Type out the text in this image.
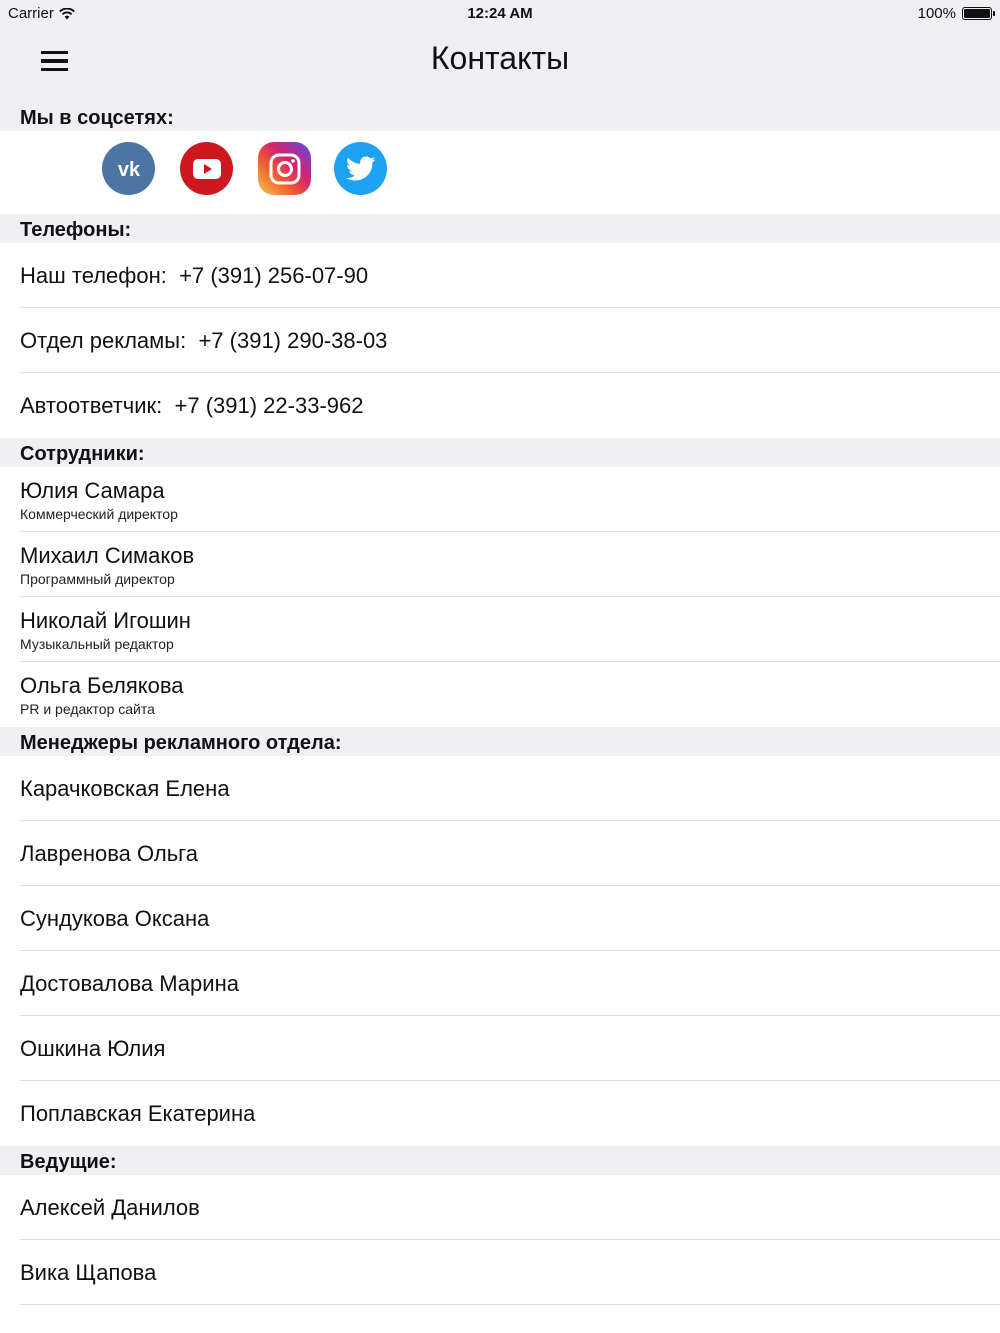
Carrier	12:24 AM	100%
Контакты
Мы в соцсетях:
vk
Телефоны:
Наш телефон: +7 (391) 256-07-90
Отдел рекламы: +7 (391) 290-38-03
Автоответчик: +7 (391) 22-33-962
Сотрудники:
Юлия Самара
Коммерческий директор
Михаил Симаков
Программный директор
Николай Игошин
Музыкальный редактор
Ольга Белякова
PR и редактор сайта
Менеджеры рекламного отдела:
Карачковская Елена
Лавренова Ольга
Сундукова Оксана
Достовалова Марина
Ошкина Юлия
Поплавская Екатерина
Ведущие:
Алексей Данилов
Вика Щапова
